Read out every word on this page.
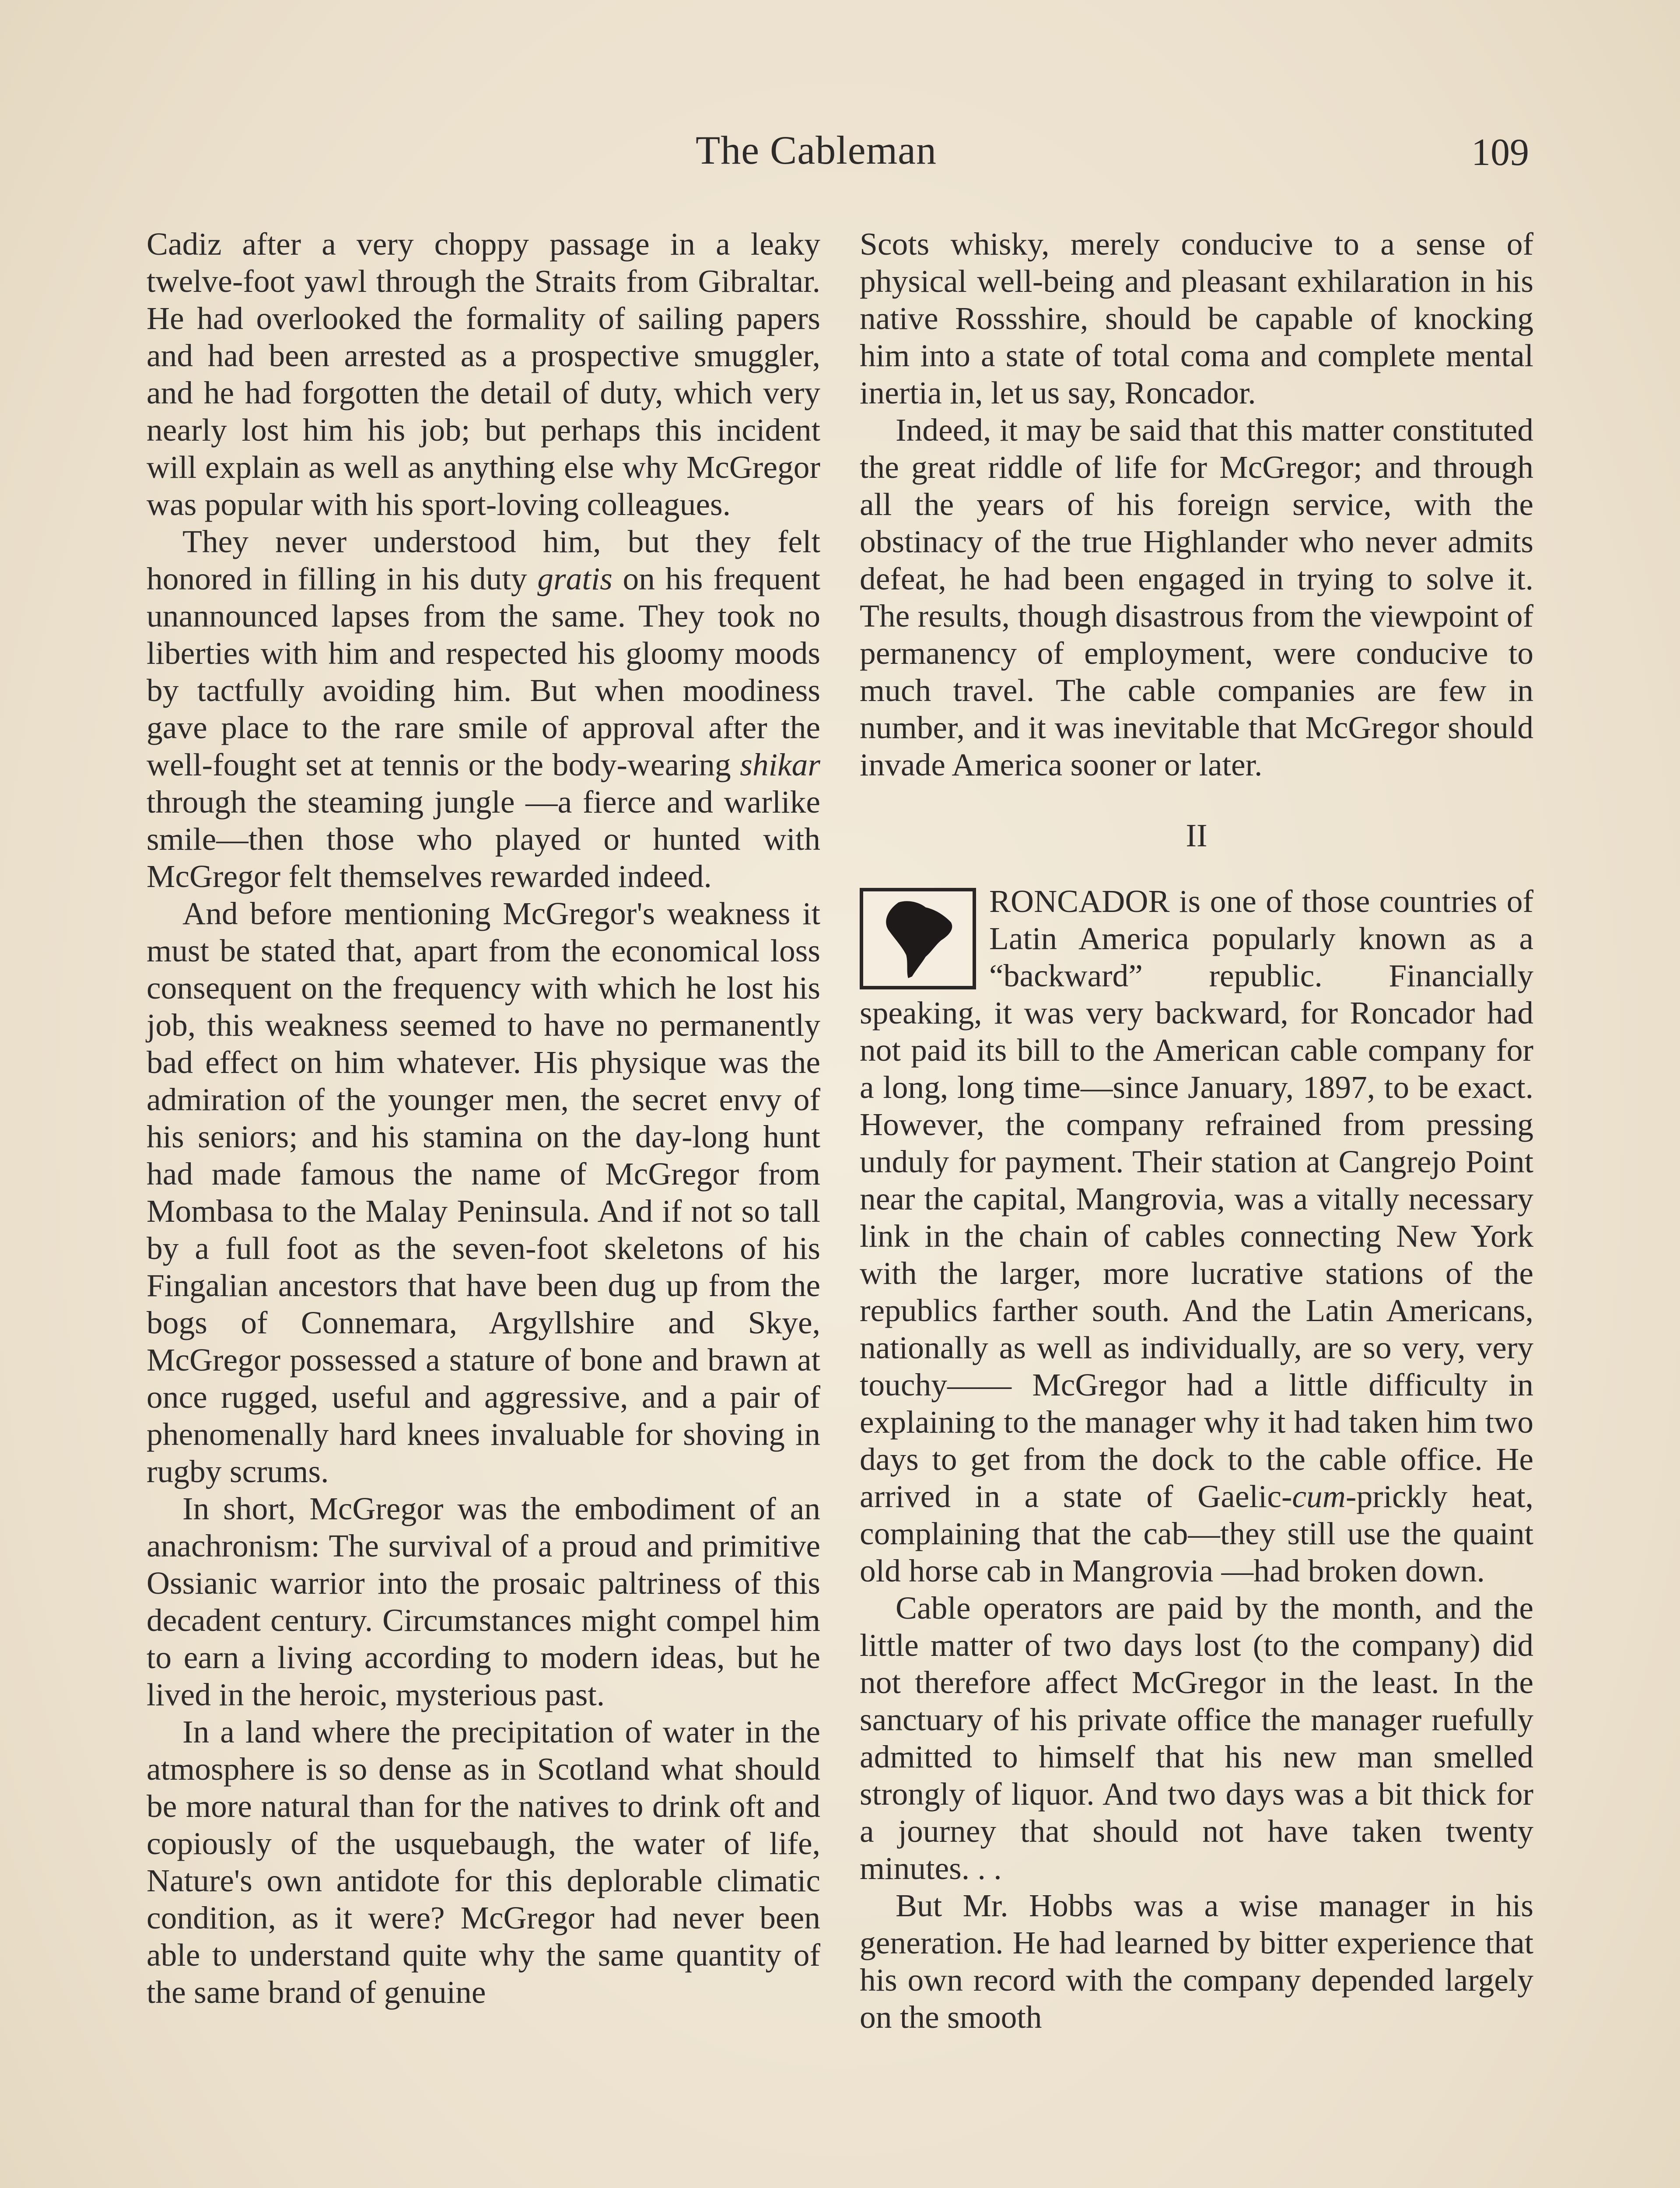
The Cableman	109

Cadiz after a very choppy passage in a leaky twelve-foot yawl through the Straits from Gibraltar. He had overlooked the formality of sailing papers and had been arrested as a prospective smuggler, and he had forgotten the detail of duty, which very nearly lost him his job; but perhaps this incident will explain as well as anything else why McGregor was popular with his sport-loving colleagues.

They never understood him, but they felt honored in filling in his duty gratis on his frequent unannounced lapses from the same. They took no liberties with him and respected his gloomy moods by tactfully avoiding him. But when moodiness gave place to the rare smile of approval after the well-fought set at tennis or the body-wearing shikar through the steaming jungle —a fierce and warlike smile—then those who played or hunted with McGregor felt themselves rewarded indeed.

And before mentioning McGregor's weakness it must be stated that, apart from the economical loss consequent on the frequency with which he lost his job, this weakness seemed to have no permanently bad effect on him whatever. His physique was the admiration of the younger men, the secret envy of his seniors; and his stamina on the day-long hunt had made famous the name of McGregor from Mombasa to the Malay Peninsula. And if not so tall by a full foot as the seven-foot skeletons of his Fingalian ancestors that have been dug up from the bogs of Connemara, Argyllshire and Skye, McGregor possessed a stature of bone and brawn at once rugged, useful and aggressive, and a pair of phenomenally hard knees invaluable for shoving in rugby scrums.

In short, McGregor was the embodiment of an anachronism: The survival of a proud and primitive Ossianic warrior into the prosaic paltriness of this decadent century. Circumstances might compel him to earn a living according to modern ideas, but he lived in the heroic, mysterious past.

In a land where the precipitation of water in the atmosphere is so dense as in Scotland what should be more natural than for the natives to drink oft and copiously of the usquebaugh, the water of life, Nature's own antidote for this deplorable climatic condition, as it were? McGregor had never been able to understand quite why the same quantity of the same brand of genuine

Scots whisky, merely conducive to a sense of physical well-being and pleasant exhilaration in his native Rossshire, should be capable of knocking him into a state of total coma and complete mental inertia in, let us say, Roncador.

Indeed, it may be said that this matter constituted the great riddle of life for McGregor; and through all the years of his foreign service, with the obstinacy of the true Highlander who never admits defeat, he had been engaged in trying to solve it. The results, though disastrous from the viewpoint of permanency of employment, were conducive to much travel. The cable companies are few in number, and it was inevitable that McGregor should invade America sooner or later.

II

RONCADOR is one of those countries of Latin America popularly known as a “backward” republic. Financially speaking, it was very backward, for Roncador had not paid its bill to the American cable company for a long, long time—since January, 1897, to be exact. However, the company refrained from pressing unduly for payment. Their station at Cangrejo Point near the capital, Mangrovia, was a vitally necessary link in the chain of cables connecting New York with the larger, more lucrative stations of the republics farther south. And the Latin Americans, nationally as well as individually, are so very, very touchy—— McGregor had a little difficulty in explaining to the manager why it had taken him two days to get from the dock to the cable office. He arrived in a state of Gaelic-cum-prickly heat, complaining that the cab—they still use the quaint old horse cab in Mangrovia —had broken down.

Cable operators are paid by the month, and the little matter of two days lost (to the company) did not therefore affect McGregor in the least. In the sanctuary of his private office the manager ruefully admitted to himself that his new man smelled strongly of liquor. And two days was a bit thick for a journey that should not have taken twenty minutes. . .

But Mr. Hobbs was a wise manager in his generation. He had learned by bitter experience that his own record with the company depended largely on the smooth
